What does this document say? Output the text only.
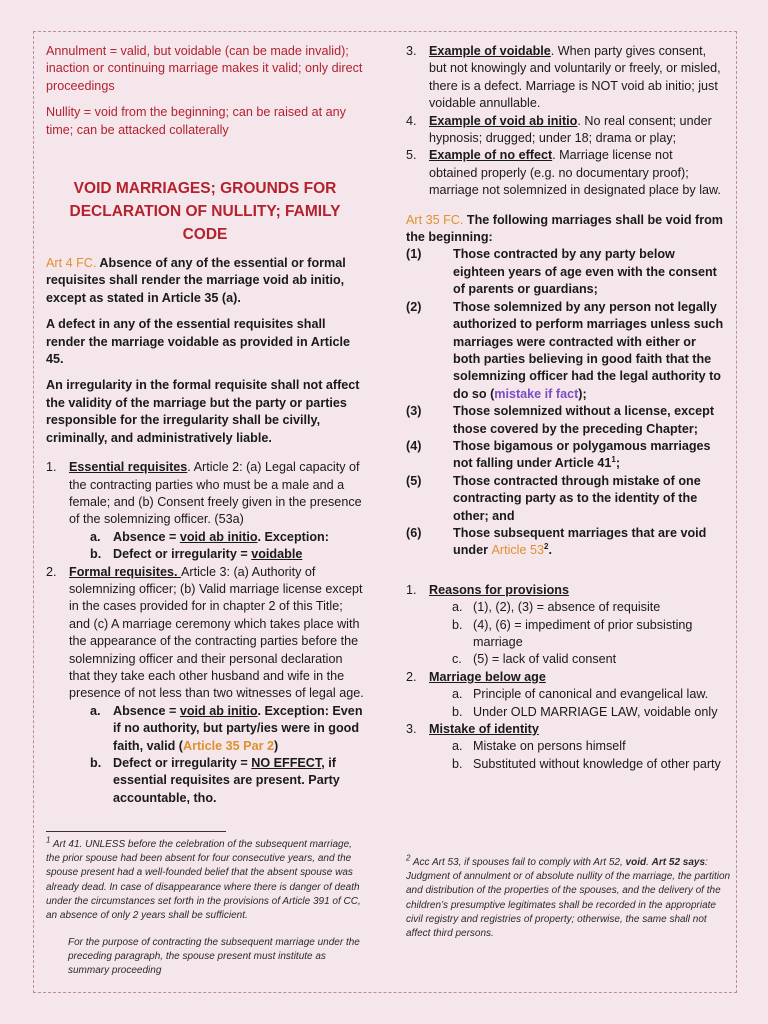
Annulment = valid, but voidable (can be made invalid); inaction or continuing marriage makes it valid; only direct proceedings

Nullity = void from the beginning; can be raised at any time; can be attacked collaterally

VOID MARRIAGES; GROUNDS FOR
DECLARATION OF NULLITY; FAMILY CODE

Art 4 FC. Absence of any of the essential or formal requisites shall render the marriage void ab initio, except as stated in Article 35 (a).

A defect in any of the essential requisites shall render the marriage voidable as provided in Article 45.

An irregularity in the formal requisite shall not affect the validity of the marriage but the party or parties responsible for the irregularity shall be civilly, criminally, and administratively liable.

1. Essential requisites. Article 2: (a) Legal capacity of the contracting parties who must be a male and a female; and (b) Consent freely given in the presence of the solemnizing officer. (53a)
a. Absence = void ab initio. Exception:
b. Defect or irregularity = voidable
2. Formal requisites. Article 3: (a) Authority of solemnizing officer; (b) Valid marriage license except in the cases provided for in chapter 2 of this Title; and (c) A marriage ceremony which takes place with the appearance of the contracting parties before the solemnizing officer and their personal declaration that they take each other husband and wife in the presence of not less than two witnesses of legal age.
a. Absence = void ab initio. Exception: Even if no authority, but party/ies were in good faith, valid (Article 35 Par 2)
b. Defect or irregularity = NO EFFECT, if essential requisites are present. Party accountable, tho.
$^1$ Art 41. UNLESS before the celebration of the subsequent marriage, the prior spouse had been absent for four consecutive years, and the spouse present had a well-founded belief that the absent spouse was already dead. In case of disappearance where there is danger of death under the circumstances set forth in the provisions of Article 391 of CC, an absence of only 2 years shall be sufficient.
For the purpose of contracting the subsequent marriage under the preceding paragraph, the spouse present must institute as summary proceeding
3. Example of voidable. When party gives consent, but not knowingly and voluntarily or freely, or misled, there is a defect. Marriage is NOT void ab initio; just voidable annullable.
4. Example of void ab initio. No real consent; under hypnosis; drugged; under 18; drama or play;
5. Example of no effect. Marriage license not obtained properly (e.g. no documentary proof); marriage not solemnized in designated place by law.

Art 35 FC. The following marriages shall be void from the beginning:

(1)	Those contracted by any party below eighteen years of age even with the consent of parents or guardians;
(2)	Those solemnized by any person not legally authorized to perform marriages unless such marriages were contracted with either or both parties believing in good faith that the solemnizing officer had the legal authority to do so (mistake if fact);
(3)	Those solemnized without a license, except those covered by the preceding Chapter;
(4)	Those bigamous or polygamous marriages not falling under Article $41^1$;
(5)	Those contracted through mistake of one contracting party as to the identity of the other; and
(6)	Those subsequent marriages that are void under Article $53^2$.
1. Reasons for provisions
a. (1), (2), (3) = absence of requisite
b. (4), (6) = impediment of prior subsisting marriage
c. (5) = lack of valid consent
2. Marriage below age
a. Principle of canonical and evangelical law.
b. Under OLD MARRIAGE LAW, voidable only
3. Mistake of identity
a. Mistake on persons himself
b. Substituted without knowledge of other party
$^2$ Acc Art 53, if spouses fail to comply with Art 52, void. Art 52 says: Judgment of annulment or of absolute nullity of the marriage, the partition and distribution of the properties of the spouses, and the delivery of the children’s presumptive legitimates shall be recorded in the appropriate civil registry and registries of property; otherwise, the same shall not affect third persons.
